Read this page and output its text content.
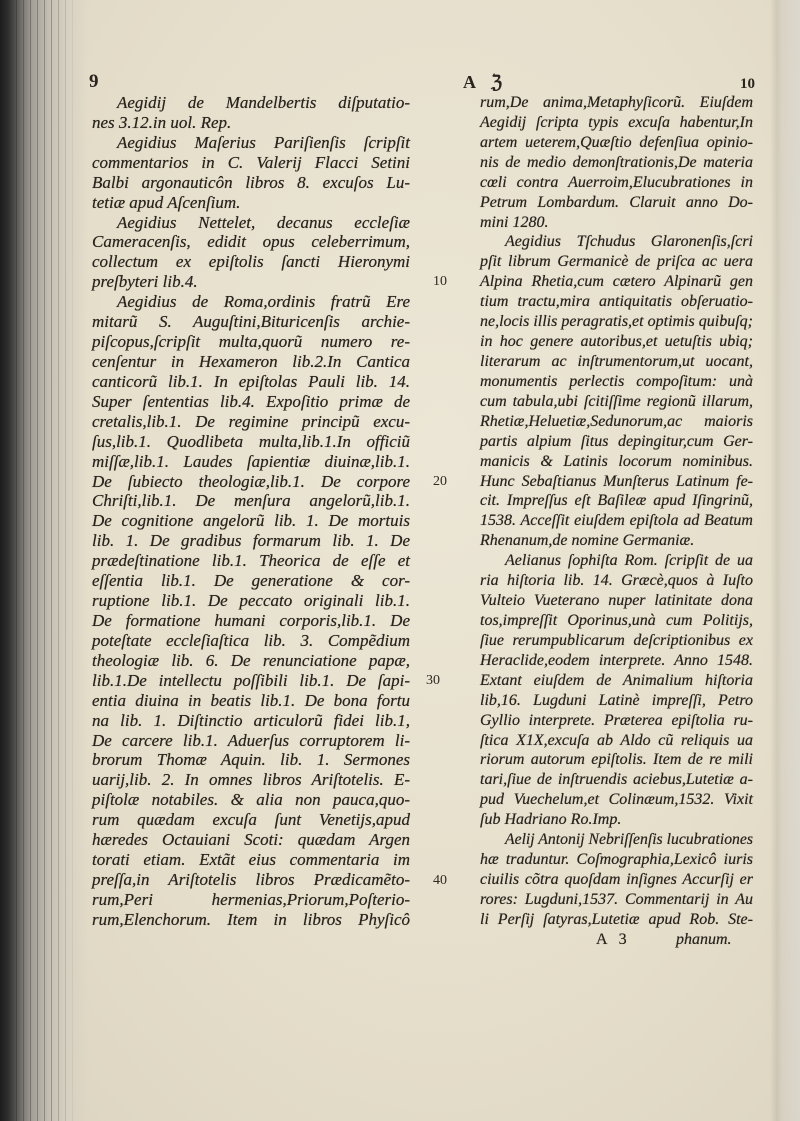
9	A ℨ	10
Aegidij de Mandelbertis diſputatio-
nes 3.12.in uol. Rep.
Aegidius Maſerius Pariſienſis ſcripſit
commentarios in C. Valerij Flacci Setini
Balbi argonauticôn libros 8. excuſos Lu-
tetiæ apud Aſcenſium.
Aegidius Nettelet, decanus eccleſiæ
Cameracenſis, edidit opus celeberrimum,
collectum ex epiſtolis ſancti Hieronymi
preſbyteri lib.4.
Aegidius de Roma,ordinis fratrũ Ere
mitarũ S. Auguſtini,Bituricenſis archie-
piſcopus,ſcripſit multa,quorũ numero re-
cenſentur in Hexameron lib.2.In Cantica
canticorũ lib.1. In epiſtolas Pauli lib. 14.
Super ſententias lib.4. Expoſitio primæ de
cretalis,lib.1. De regimine principũ excu-
ſus,lib.1. Quodlibeta multa,lib.1.In officiũ
miſſæ,lib.1. Laudes ſapientiæ diuinæ,lib.1.
De ſubiecto theologiæ,lib.1. De corpore
Chriſti,lib.1. De menſura angelorũ,lib.1.
De cognitione angelorũ lib. 1. De mortuis
lib. 1. De gradibus formarum lib. 1. De
prædeſtinatione lib.1. Theorica de eſſe et
eſſentia lib.1. De generatione & cor-
ruptione lib.1. De peccato originali lib.1.
De formatione humani corporis,lib.1. De
poteſtate eccleſiaſtica lib. 3. Compẽdium
theologiæ lib. 6. De renunciatione papæ,
lib.1.De intellectu poſſibili lib.1. De ſapi-
entia diuina in beatis lib.1. De bona fortu
na lib. 1. Diſtinctio articulorũ fidei lib.1,
De carcere lib.1. Aduerſus corruptorem li-
brorum Thomæ Aquin. lib. 1. Sermones
uarij,lib. 2. In omnes libros Ariſtotelis. E-
piſtolæ notabiles. & alia non pauca,quo-
rum quædam excuſa ſunt Venetijs,apud
hæredes Octauiani Scoti: quædam Argen
torati etiam. Extãt eius commentaria im
preſſa,in Ariſtotelis libros Prædicamẽto-
rum,Peri hermenias,Priorum,Poſterio-
rum,Elenchorum. Item in libros Phyſicô
rum,De anima,Metaphyſicorũ. Eiuſdem
Aegidij ſcripta typis excuſa habentur,In
artem ueterem,Quæſtio defenſiua opinio-
nis de medio demonſtrationis,De materia
cœli contra Auerroim,Elucubrationes in
Petrum Lombardum. Claruit anno Do-
mini 1280.
Aegidius Tſchudus Glaronenſis,ſcri
pſit librum Germanicè de priſca ac uera
Alpina Rhetia,cum cætero Alpinarũ gen
tium tractu,mira antiquitatis obſeruatio-
ne,locis illis peragratis,et optimis quibuſq;
in hoc genere autoribus,et uetuſtis ubiq;
literarum ac inſtrumentorum,ut uocant,
monumentis perlectis compoſitum: unà
cum tabula,ubi ſcitiſſime regionũ illarum,
Rhetiæ,Heluetiæ,Sedunorum,ac maioris
partis alpium ſitus depingitur,cum Ger-
manicis & Latinis locorum nominibus.
Hunc Sebaſtianus Munſterus Latinum fe-
cit. Impreſſus eſt Baſileæ apud Iſingrinũ,
1538. Acceſſit eiuſdem epiſtola ad Beatum
Rhenanum,de nomine Germaniæ.
Aelianus ſophiſta Rom. ſcripſit de ua
ria hiſtoria lib. 14. Græcè,quos à Iuſto
Vulteio Vueterano nuper latinitate dona
tos,impreſſit Oporinus,unà cum Politijs,
ſiue rerumpublicarum deſcriptionibus ex
Heraclide,eodem interprete. Anno 1548.
Extant eiuſdem de Animalium hiſtoria
lib,16. Lugduni Latinè impreſſi, Petro
Gyllio interprete. Præterea epiſtolia ru-
ſtica X1X,excuſa ab Aldo cũ reliquis ua
riorum autorum epiſtolis. Item de re mili
tari,ſiue de inſtruendis aciebus,Lutetiæ a-
pud Vuechelum,et Colinæum,1532. Vixit
ſub Hadriano Ro.Imp.
Aelij Antonij Nebriſſenſis lucubrationes
hæ traduntur. Coſmographia,Lexicô iuris
ciuilis cõtra quoſdam inſignes Accurſij er
rores: Lugduni,1537. Commentarij in Au
li Perſij ſatyras,Lutetiæ apud Rob. Ste-
10
20
30
40
A 3	phanum.
